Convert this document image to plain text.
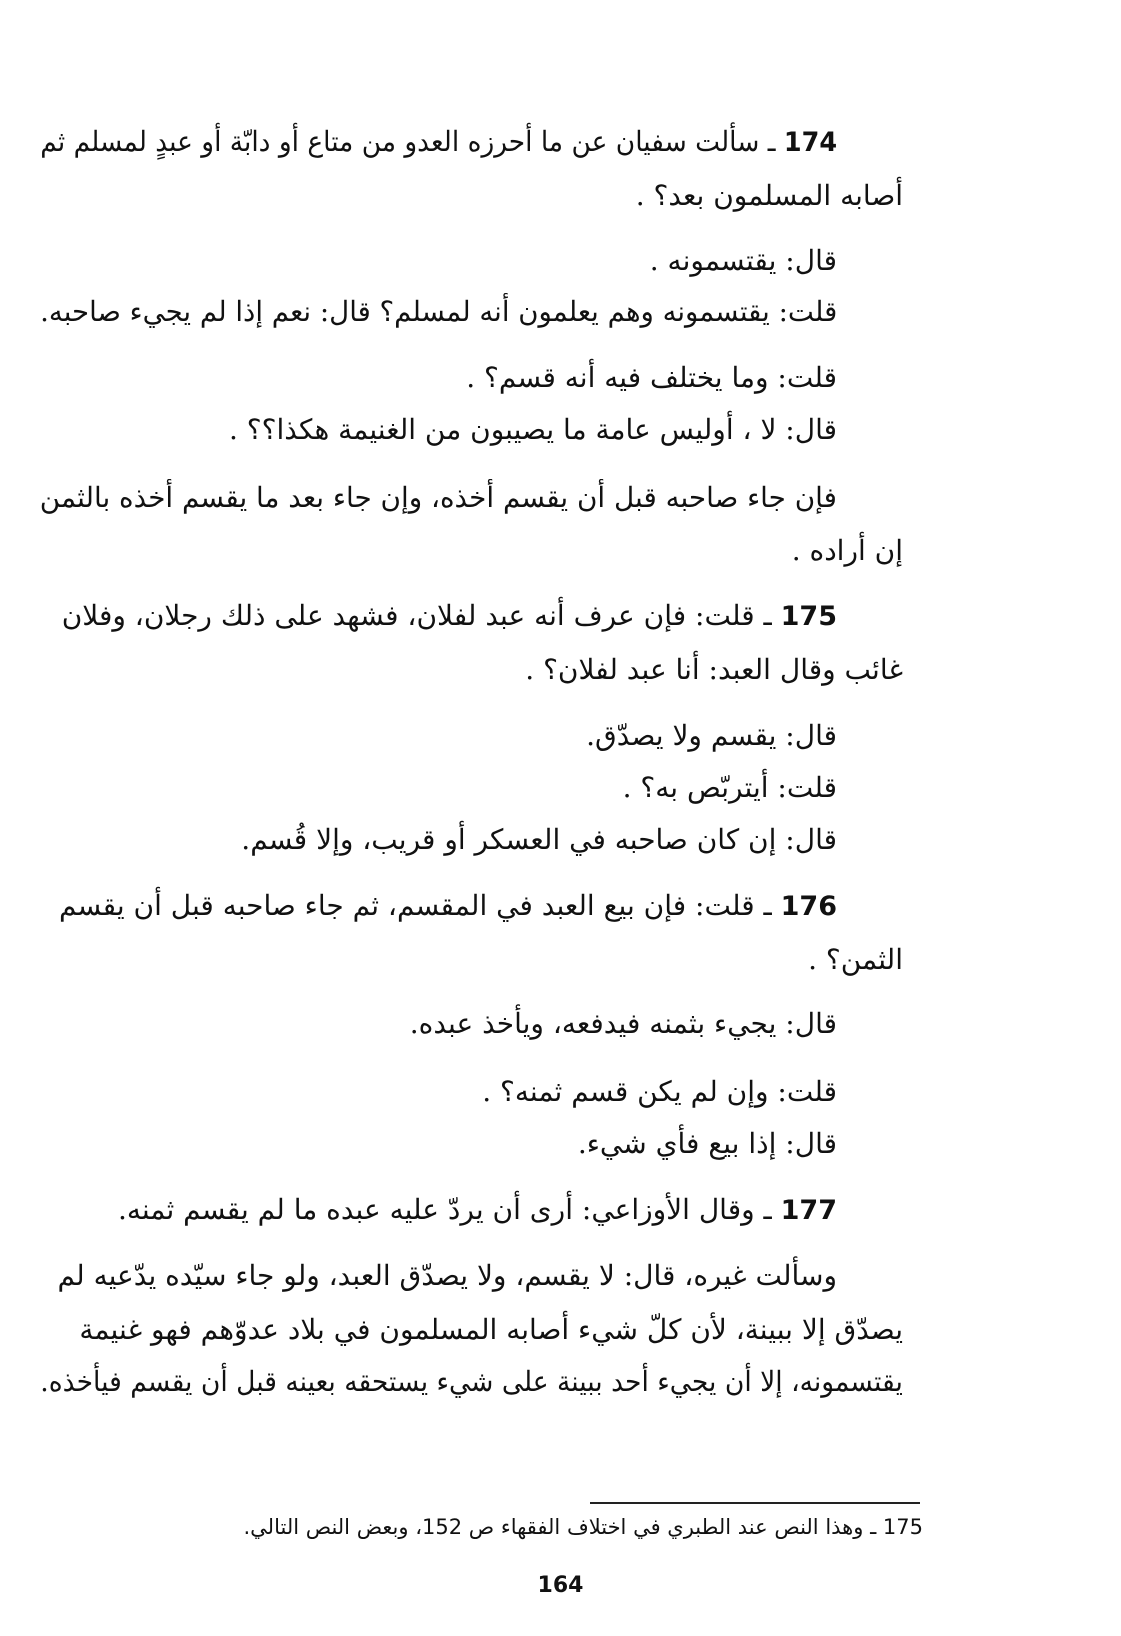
174 ـ سألت سفيان عن ما أحرزه العدو من متاع أو دابّة أو عبدٍ لمسلم ثم
أصابه المسلمون بعد؟ .
قال: يقتسمونه .
قلت: يقتسمونه وهم يعلمون أنه لمسلم؟ قال: نعم إذا لم يجيء صاحبه.
قلت: وما يختلف فيه أنه قسم؟ .
قال: لا ، أوليس عامة ما يصيبون من الغنيمة هكذا؟؟ .
فإن جاء صاحبه قبل أن يقسم أخذه، وإن جاء بعد ما يقسم أخذه بالثمن
إن أراده .
175 ـ قلت: فإن عرف أنه عبد لفلان، فشهد على ذلك رجلان، وفلان
غائب وقال العبد: أنا عبد لفلان؟ .
قال: يقسم ولا يصدّق.
قلت: أيتربّص به؟ .
قال: إن كان صاحبه في العسكر أو قريب، وإلا قُسم.
176 ـ قلت: فإن بيع العبد في المقسم، ثم جاء صاحبه قبل أن يقسم
الثمن؟ .
قال: يجيء بثمنه فيدفعه، ويأخذ عبده.
قلت: وإن لم يكن قسم ثمنه؟ .
قال: إذا بيع فأي شيء.
177 ـ وقال الأوزاعي: أرى أن يردّ عليه عبده ما لم يقسم ثمنه.
وسألت غيره، قال: لا يقسم، ولا يصدّق العبد، ولو جاء سيّده يدّعيه لم
يصدّق إلا ببينة، لأن كلّ شيء أصابه المسلمون في بلاد عدوّهم فهو غنيمة
يقتسمونه، إلا أن يجيء أحد ببينة على شيء يستحقه بعينه قبل أن يقسم فيأخذه.
175 ـ وهذا النص عند الطبري في اختلاف الفقهاء ص 152، وبعض النص التالي.
164
